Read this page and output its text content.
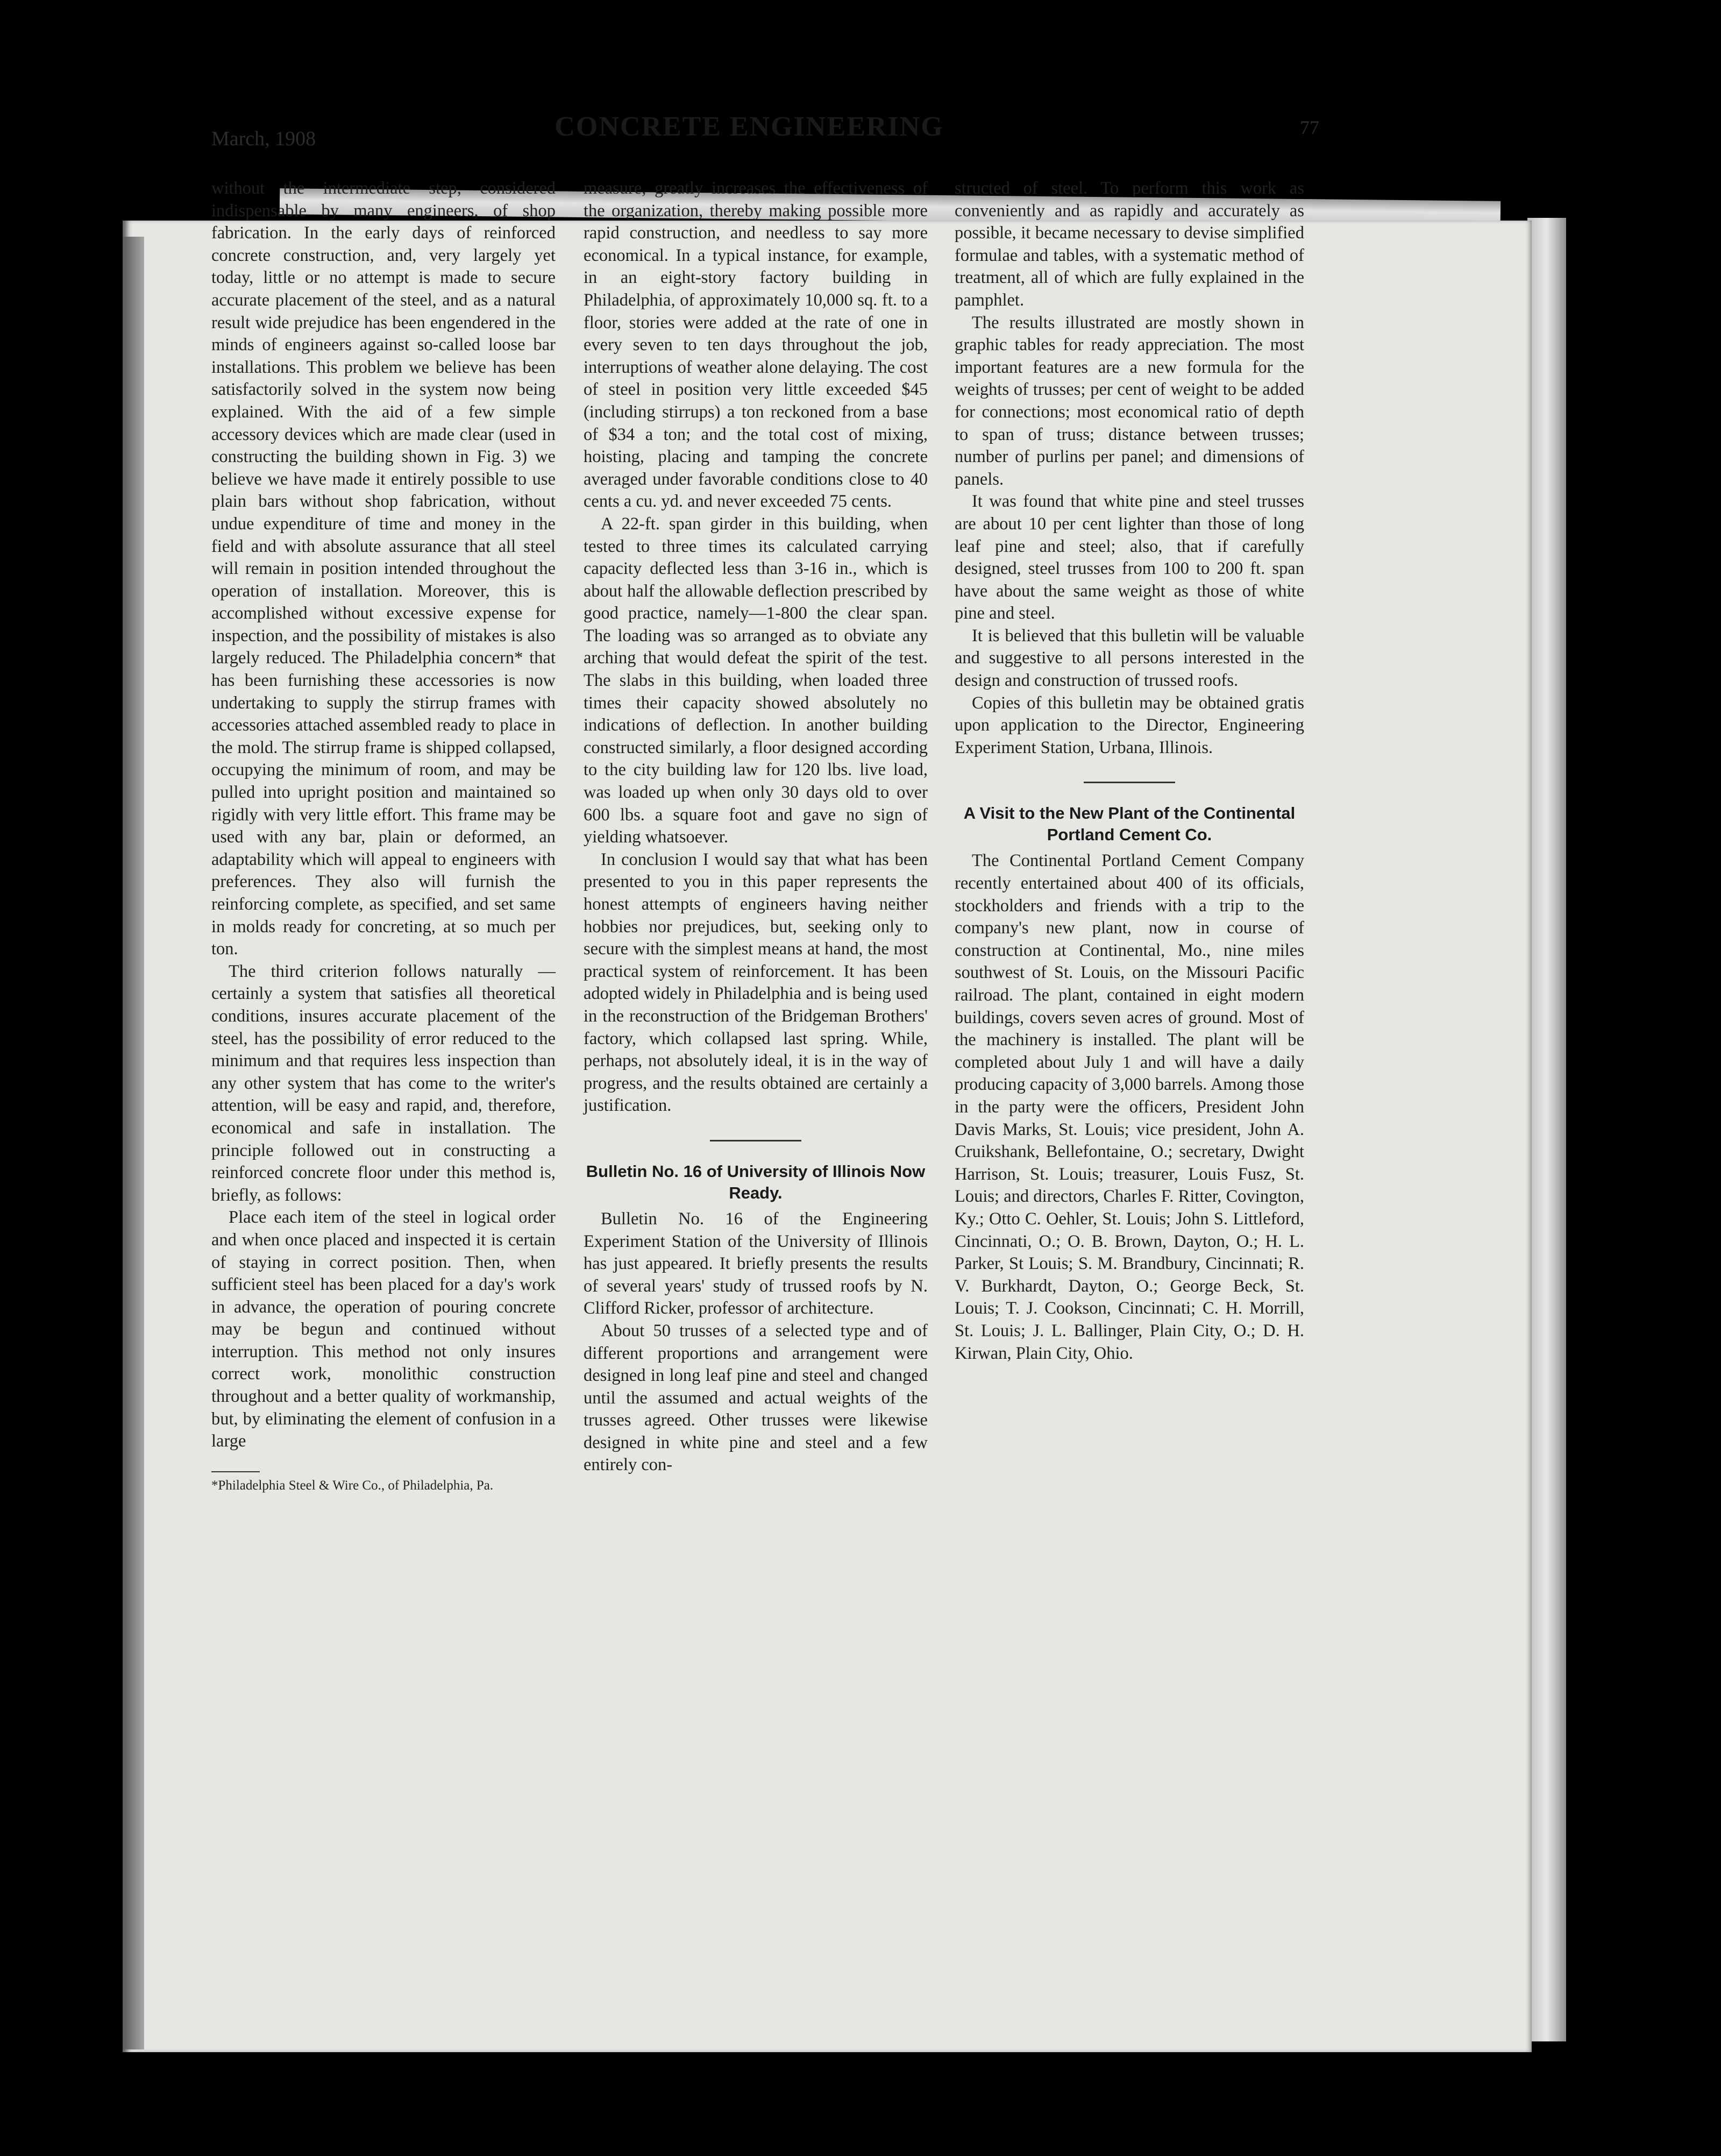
March, 1908	CONCRETE ENGINEERING	77

without the intermediate step, considered indispensable by many engineers, of shop fabrication. In the early days of reinforced concrete construction, and, very largely yet today, little or no attempt is made to secure accurate placement of the steel, and as a natural result wide prejudice has been engendered in the minds of engineers against so-called loose bar installations. This problem we believe has been satisfactorily solved in the system now being explained. With the aid of a few simple accessory devices which are made clear (used in constructing the building shown in Fig. 3) we believe we have made it entirely possible to use plain bars without shop fabrication, without undue expenditure of time and money in the field and with absolute assurance that all steel will remain in position intended throughout the operation of installation. Moreover, this is accomplished without excessive expense for inspection, and the possibility of mistakes is also largely reduced. The Philadelphia concern* that has been furnishing these accessories is now undertaking to supply the stirrup frames with accessories attached assembled ready to place in the mold. The stirrup frame is shipped collapsed, occupying the minimum of room, and may be pulled into upright position and maintained so rigidly with very little effort. This frame may be used with any bar, plain or deformed, an adaptability which will appeal to engineers with preferences. They also will furnish the reinforcing complete, as specified, and set same in molds ready for concreting, at so much per ton.

The third criterion follows naturally —certainly a system that satisfies all theoretical conditions, insures accurate placement of the steel, has the possibility of error reduced to the minimum and that requires less inspection than any other system that has come to the writer's attention, will be easy and rapid, and, therefore, economical and safe in installation. The principle followed out in constructing a reinforced concrete floor under this method is, briefly, as follows:

Place each item of the steel in logical order and when once placed and inspected it is certain of staying in correct position. Then, when sufficient steel has been placed for a day's work in advance, the operation of pouring concrete may be begun and continued without interruption. This method not only insures correct work, monolithic construction throughout and a better quality of workmanship, but, by eliminating the element of confusion in a large

*Philadelphia Steel & Wire Co., of Philadelphia, Pa.

measure, greatly increases the effectiveness of the organization, thereby making possible more rapid construction, and needless to say more economical. In a typical instance, for example, in an eight-story factory building in Philadelphia, of approximately 10,000 sq. ft. to a floor, stories were added at the rate of one in every seven to ten days throughout the job, interruptions of weather alone delaying. The cost of steel in position very little exceeded $45 (including stirrups) a ton reckoned from a base of $34 a ton; and the total cost of mixing, hoisting, placing and tamping the concrete averaged under favorable conditions close to 40 cents a cu. yd. and never exceeded 75 cents.

A 22-ft. span girder in this building, when tested to three times its calculated carrying capacity deflected less than 3-16 in., which is about half the allowable deflection prescribed by good practice, namely—1-800 the clear span. The loading was so arranged as to obviate any arching that would defeat the spirit of the test. The slabs in this building, when loaded three times their capacity showed absolutely no indications of deflection. In another building constructed similarly, a floor designed according to the city building law for 120 lbs. live load, was loaded up when only 30 days old to over 600 lbs. a square foot and gave no sign of yielding whatsoever.

In conclusion I would say that what has been presented to you in this paper represents the honest attempts of engineers having neither hobbies nor prejudices, but, seeking only to secure with the simplest means at hand, the most practical system of reinforcement. It has been adopted widely in Philadelphia and is being used in the reconstruction of the Bridgeman Brothers' factory, which collapsed last spring. While, perhaps, not absolutely ideal, it is in the way of progress, and the results obtained are certainly a justification.

Bulletin No. 16 of University of Illinois Now Ready.

Bulletin No. 16 of the Engineering Experiment Station of the University of Illinois has just appeared. It briefly presents the results of several years' study of trussed roofs by N. Clifford Ricker, professor of architecture.

About 50 trusses of a selected type and of different proportions and arrangement were designed in long leaf pine and steel and changed until the assumed and actual weights of the trusses agreed. Other trusses were likewise designed in white pine and steel and a few entirely con-

structed of steel. To perform this work as conveniently and as rapidly and accurately as possible, it became necessary to devise simplified formulae and tables, with a systematic method of treatment, all of which are fully explained in the pamphlet.

The results illustrated are mostly shown in graphic tables for ready appreciation. The most important features are a new formula for the weights of trusses; per cent of weight to be added for connections; most economical ratio of depth to span of truss; distance between trusses; number of purlins per panel; and dimensions of panels.

It was found that white pine and steel trusses are about 10 per cent lighter than those of long leaf pine and steel; also, that if carefully designed, steel trusses from 100 to 200 ft. span have about the same weight as those of white pine and steel.

It is believed that this bulletin will be valuable and suggestive to all persons interested in the design and construction of trussed roofs.

Copies of this bulletin may be obtained gratis upon application to the Director, Engineering Experiment Station, Urbana, Illinois.

A Visit to the New Plant of the Continental Portland Cement Co.

The Continental Portland Cement Company recently entertained about 400 of its officials, stockholders and friends with a trip to the company's new plant, now in course of construction at Continental, Mo., nine miles southwest of St. Louis, on the Missouri Pacific railroad. The plant, contained in eight modern buildings, covers seven acres of ground. Most of the machinery is installed. The plant will be completed about July 1 and will have a daily producing capacity of 3,000 barrels. Among those in the party were the officers, President John Davis Marks, St. Louis; vice president, John A. Cruikshank, Bellefontaine, O.; secretary, Dwight Harrison, St. Louis; treasurer, Louis Fusz, St. Louis; and directors, Charles F. Ritter, Covington, Ky.; Otto C. Oehler, St. Louis; John S. Littleford, Cincinnati, O.; O. B. Brown, Dayton, O.; H. L. Parker, St Louis; S. M. Brandbury, Cincinnati; R. V. Burkhardt, Dayton, O.; George Beck, St. Louis; T. J. Cookson, Cincinnati; C. H. Morrill, St. Louis; J. L. Ballinger, Plain City, O.; D. H. Kirwan, Plain City, Ohio.
